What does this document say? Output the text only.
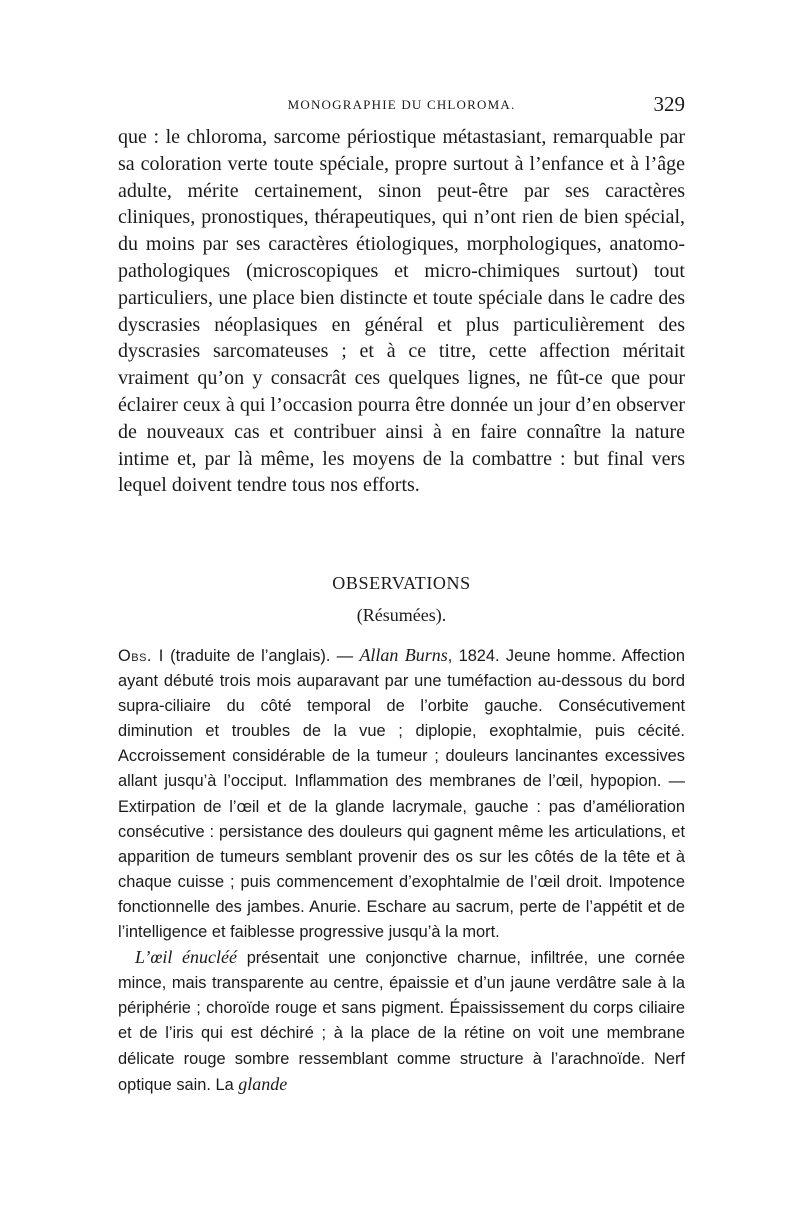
MONOGRAPHIE DU CHLOROMA.	329

que : le chloroma, sarcome périostique métastasiant, remarquable par sa coloration verte toute spéciale, propre surtout à l’enfance et à l’âge adulte, mérite certainement, sinon peut-être par ses caractères cliniques, pronostiques, thérapeutiques, qui n’ont rien de bien spécial, du moins par ses caractères étiologiques, morphologiques, anatomo-pathologiques (microscopiques et micro-chimiques surtout) tout particuliers, une place bien distincte et toute spéciale dans le cadre des dyscrasies néoplasiques en général et plus particulièrement des dyscrasies sarcomateuses ; et à ce titre, cette affection méritait vraiment qu’on y consacrât ces quelques lignes, ne fût-ce que pour éclairer ceux à qui l’occasion pourra être donnée un jour d’en observer de nouveaux cas et contribuer ainsi à en faire connaître la nature intime et, par là même, les moyens de la combattre : but final vers lequel doivent tendre tous nos efforts.

OBSERVATIONS
(Résumées).

Obs. I (traduite de l’anglais). — Allan Burns, 1824. Jeune homme. Affection ayant débuté trois mois auparavant par une tuméfaction au-dessous du bord supra-ciliaire du côté temporal de l’orbite gauche. Consécutivement diminution et troubles de la vue ; diplopie, exophtalmie, puis cécité. Accroissement considérable de la tumeur ; douleurs lancinantes excessives allant jusqu’à l’occiput. Inflammation des membranes de l’œil, hypopion. — Extirpation de l’œil et de la glande lacrymale, gauche : pas d’amélioration consécutive : persistance des douleurs qui gagnent même les articulations, et apparition de tumeurs semblant provenir des os sur les côtés de la tête et à chaque cuisse ; puis commencement d’exophtalmie de l’œil droit. Impotence fonctionnelle des jambes. Anurie. Eschare au sacrum, perte de l’appétit et de l’intelligence et faiblesse progressive jusqu’à la mort.

L’œil énucléé présentait une conjonctive charnue, infiltrée, une cornée mince, mais transparente au centre, épaissie et d’un jaune verdâtre sale à la périphérie ; choroïde rouge et sans pigment. Épaississement du corps ciliaire et de l’iris qui est déchiré ; à la place de la rétine on voit une membrane délicate rouge sombre ressemblant comme structure à l’arachnoïde. Nerf optique sain. La glande
